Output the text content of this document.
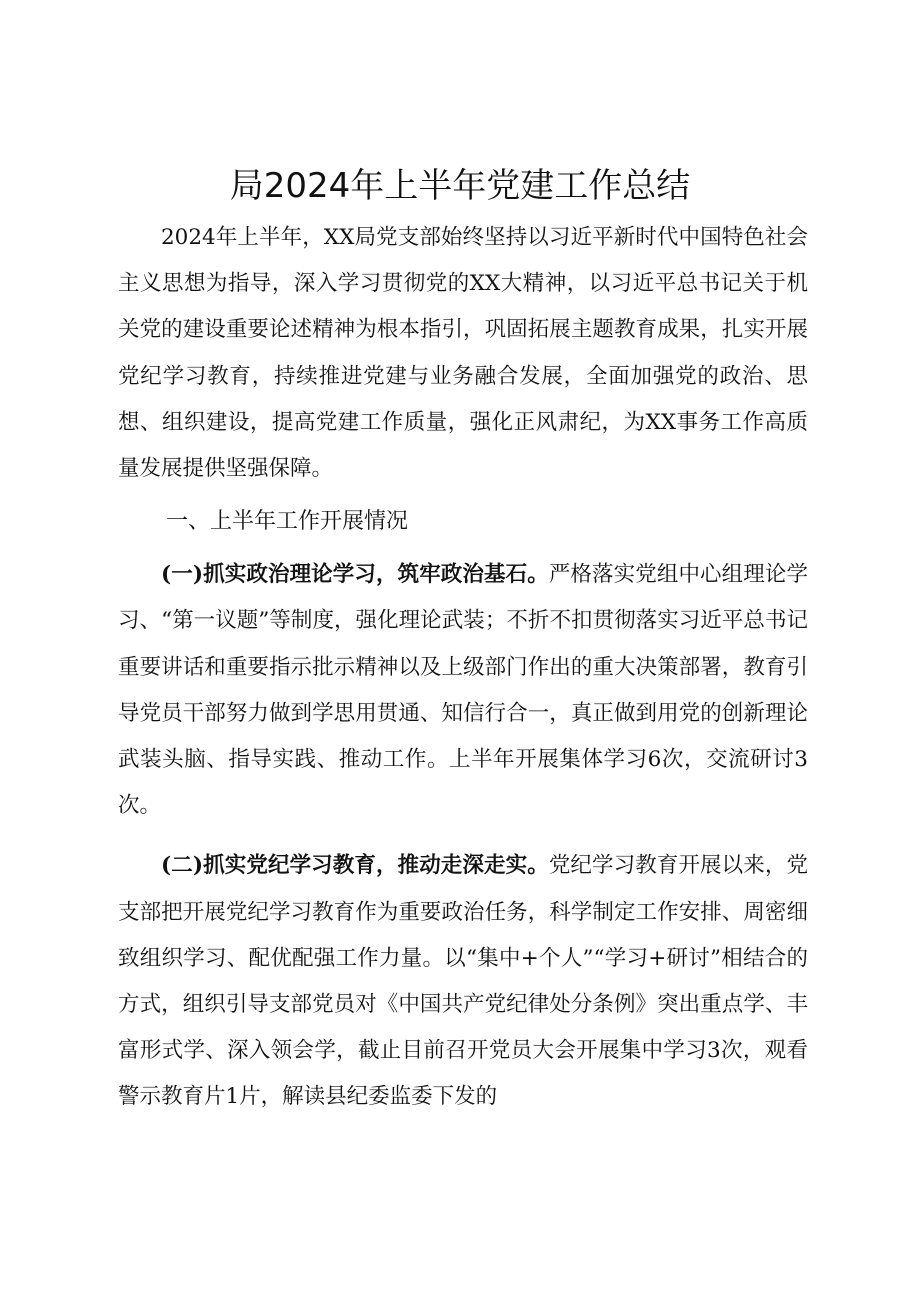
局2024年上半年党建工作总结

2024年上半年，XX局党支部始终坚持以习近平新时代中国特色社会主义思想为指导，深入学习贯彻党的XX大精神，以习近平总书记关于机关党的建设重要论述精神为根本指引，巩固拓展主题教育成果，扎实开展党纪学习教育，持续推进党建与业务融合发展，全面加强党的政治、思想、组织建设，提高党建工作质量，强化正风肃纪，为XX事务工作高质量发展提供坚强保障。

一、上半年工作开展情况

(一)抓实政治理论学习，筑牢政治基石。严格落实党组中心组理论学习、“第一议题”等制度，强化理论武装；不折不扣贯彻落实习近平总书记重要讲话和重要指示批示精神以及上级部门作出的重大决策部署，教育引导党员干部努力做到学思用贯通、知信行合一，真正做到用党的创新理论武装头脑、指导实践、推动工作。上半年开展集体学习6次，交流研讨3次。

(二)抓实党纪学习教育，推动走深走实。党纪学习教育开展以来，党支部把开展党纪学习教育作为重要政治任务，科学制定工作安排、周密细致组织学习、配优配强工作力量。以“集中+个人”“学习+研讨”相结合的方式，组织引导支部党员对《中国共产党纪律处分条例》突出重点学、丰富形式学、深入领会学，截止目前召开党员大会开展集中学习3次，观看警示教育片1片，解读县纪委监委下发的
